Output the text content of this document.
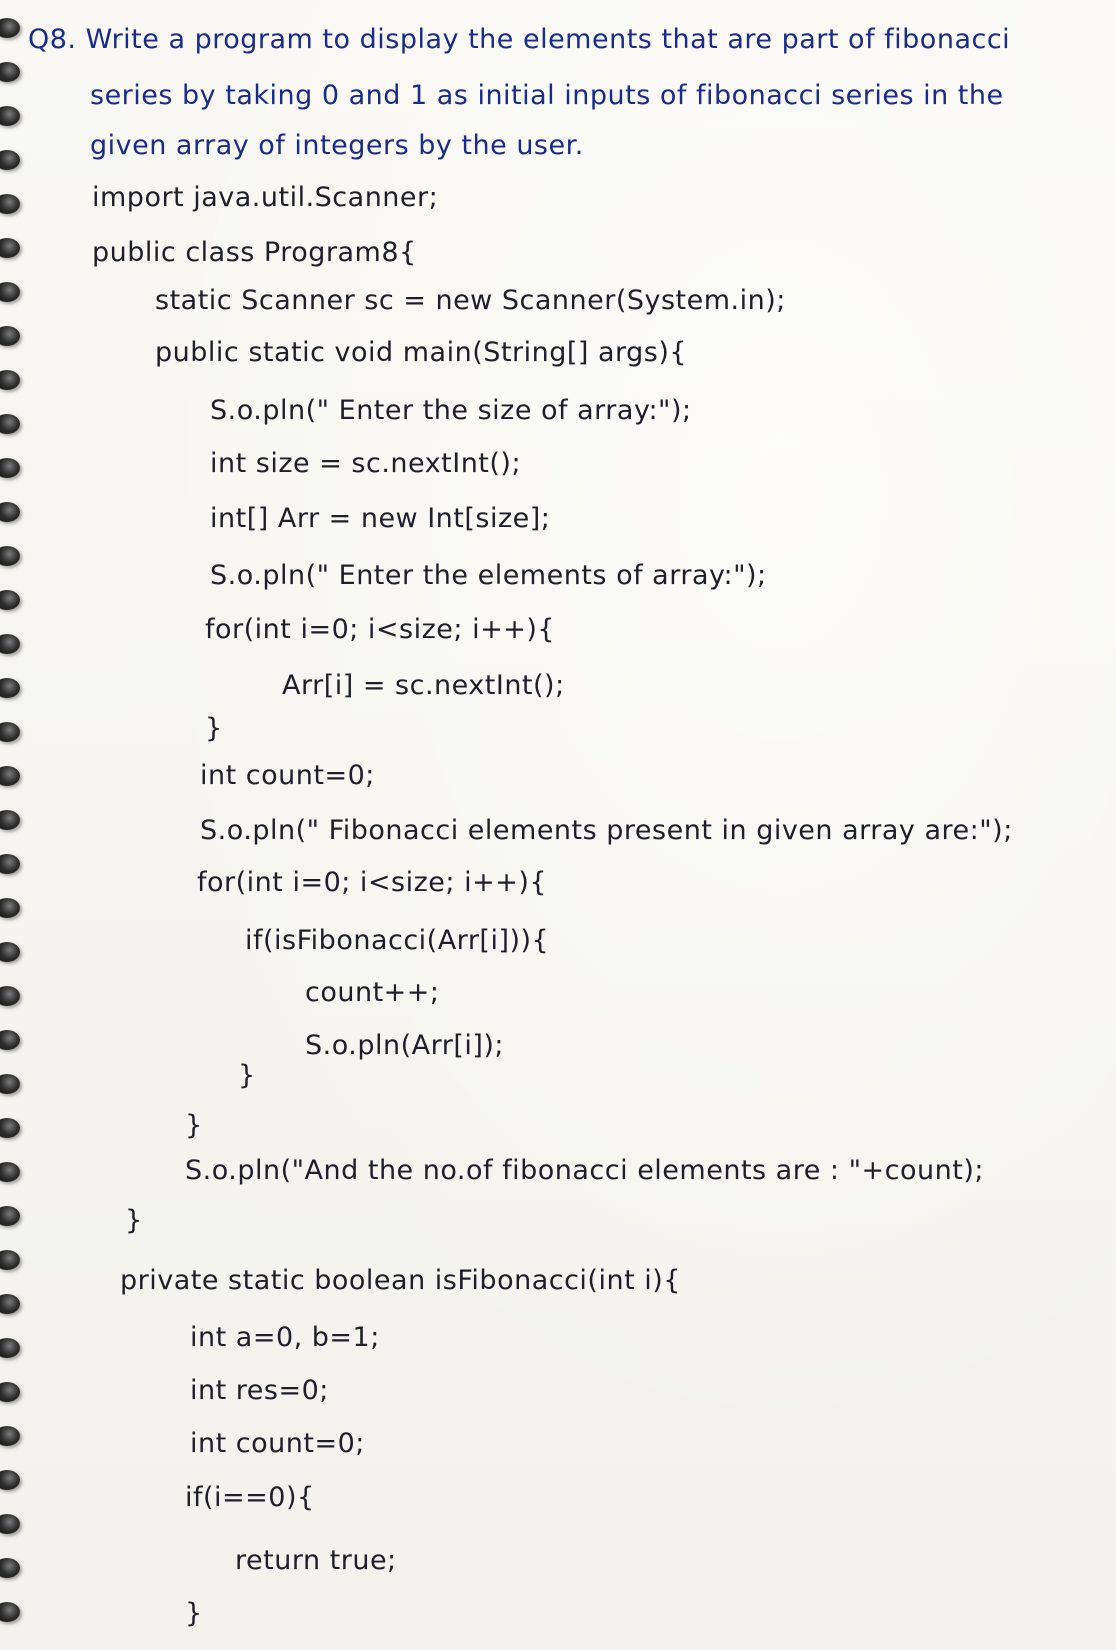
Q8. Write a program to display the elements that are part of fibonacci
series by taking 0 and 1 as initial inputs of fibonacci series in the
given array of integers by the user.
import java.util.Scanner;
public class Program8{
static Scanner sc = new Scanner(System.in);
public static void main(String[] args){
S.o.pln(" Enter the size of array:");
int size = sc.nextInt();
int[] Arr = new Int[size];
S.o.pln(" Enter the elements of array:");
for(int i=0; i<size; i++){
Arr[i] = sc.nextInt();
}
int count=0;
S.o.pln(" Fibonacci elements present in given array are:");
for(int i=0; i<size; i++){
if(isFibonacci(Arr[i])){
count++;
S.o.pln(Arr[i]);
}
}
S.o.pln("And the no.of fibonacci elements are : "+count);
}
private static boolean isFibonacci(int i){
int a=0, b=1;
int res=0;
int count=0;
if(i==0){
return true;
}
